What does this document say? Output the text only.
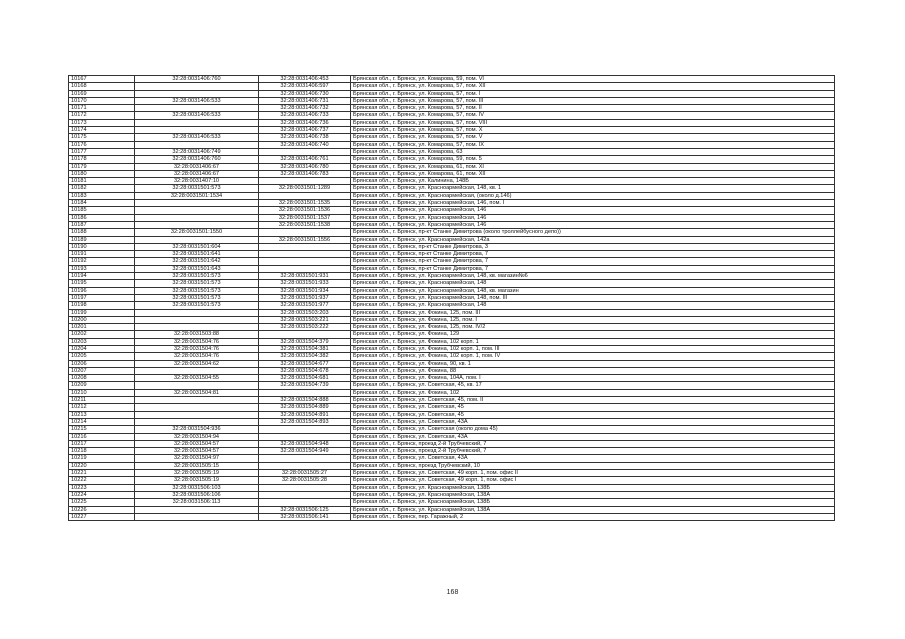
10167	32:28:0031406:760	32:28:0031406:453	Брянская обл., г. Брянск, ул. Комарова, 59, пом. VI
10168		32:28:0031406:597	Брянская обл., г. Брянск, ул. Комарова, 57, пом. XII
10169		32:28:0031406:730	Брянская обл., г. Брянск, ул. Комарова, 57, пом. I
10170	32:28:0031406:533	32:28:0031406:731	Брянская обл., г. Брянск, ул. Комарова, 57, пом. III
10171		32:28:0031406:732	Брянская обл., г. Брянск, ул. Комарова, 57, пом. II
10172	32:28:0031406:533	32:28:0031406:733	Брянская обл., г. Брянск, ул. Комарова, 57, пом. IV
10173		32:28:0031406:736	Брянская обл., г. Брянск, ул. Комарова, 57, пом. VIII
10174		32:28:0031406:737	Брянская обл., г. Брянск, ул. Комарова, 57, пом. X
10175	32:28:0031406:533	32:28:0031406:738	Брянская обл., г. Брянск, ул. Комарова, 57, пом. V
10176		32:28:0031406:740	Брянская обл., г. Брянск, ул. Комарова, 57, пом. IX
10177	32:28:0031406:749		Брянская обл., г. Брянск, ул. Комарова, 63
10178	32:28:0031406:760	32:28:0031406:761	Брянская обл., г. Брянск, ул. Комарова, 59, пом. 5
10179	32:28:0031406:67	32:28:0031406:780	Брянская обл., г. Брянск, ул. Комарова, 61, пом. XI
10180	32:28:0031406:67	32:28:0031406:783	Брянская обл., г. Брянск, ул. Комарова, 61, пом. XII
10181	32:28:0031407:10		Брянская обл., г. Брянск, ул. Калинина, 148Б
10182	32:28:0031501:573	32:28:0031501:1289	Брянская обл., г. Брянск, ул. Красноармейская, 148, кв. 1
10183	32:28:0031501:1534		Брянская обл., г. Брянск, ул. Красноармейская, (около д.146)
10184		32:28:0031501:1535	Брянская обл., г. Брянск, ул. Красноармейская, 146, пом. I
10185		32:28:0031501:1536	Брянская обл., г. Брянск, ул. Красноармейская, 146
10186		32:28:0031501:1537	Брянская обл., г. Брянск, ул. Красноармейская, 146
10187		32:28:0031501:1538	Брянская обл., г. Брянск, ул. Красноармейская, 146
10188	32:28:0031501:1550		Брянская обл., г. Брянск, пр-кт Станке Димитрова (около троллейбусного депо))
10189		32:28:0031501:1556	Брянская обл., г. Брянск, ул. Красноармейская, 142а
10190	32:28:0031501:604		Брянская обл., г. Брянск, пр-кт Станке Димитрова, 3
10191	32:28:0031501:641		Брянская обл., г. Брянск, пр-кт Станке Димитрова, 7
10192	32:28:0031501:642		Брянская обл., г. Брянск, пр-кт Станке Димитрова, 7
10193	32:28:0031501:643		Брянская обл., г. Брянск, пр-кт Станке Димитрова, 7
10194	32:28:0031501:573	32:28:0031501:931	Брянская обл., г. Брянск, ул. Красноармейская, 148, кв. магазин№6
10195	32:28:0031501:573	32:28:0031501:933	Брянская обл., г. Брянск, ул. Красноармейская, 148
10196	32:28:0031501:573	32:28:0031501:934	Брянская обл., г. Брянск, ул. Красноармейская, 148, кв. магазин
10197	32:28:0031501:573	32:28:0031501:937	Брянская обл., г. Брянск, ул. Красноармейская, 148, пом. III
10198	32:28:0031501:573	32:28:0031501:977	Брянская обл., г. Брянск, ул. Красноармейская, 148
10199		32:28:0031503:203	Брянская обл., г. Брянск, ул. Фокина, 125, пом. III
10200		32:28:0031503:221	Брянская обл., г. Брянск, ул. Фокина, 125, пом. I
10201		32:28:0031503:222	Брянская обл., г. Брянск, ул. Фокина, 125, пом. IV/2
10202	32:28:0031503:88		Брянская обл., г. Брянск, ул. Фокина, 129
10203	32:28:0031504:76	32:28:0031504:379	Брянская обл., г. Брянск, ул. Фокина, 102 корп. 1
10204	32:28:0031504:76	32:28:0031504:381	Брянская обл., г. Брянск, ул. Фокина, 102 корп. 1, пом. III
10205	32:28:0031504:76	32:28:0031504:382	Брянская обл., г. Брянск, ул. Фокина, 102 корп. 1, пом. IV
10206	32:28:0031504:62	32:28:0031504:677	Брянская обл., г. Брянск, ул. Фокина, 90, кв. 1
10207		32:28:0031504:678	Брянская обл., г. Брянск, ул. Фокина, 88
10208	32:28:0031504:55	32:28:0031504:681	Брянская обл., г. Брянск, ул. Фокина, 104А, пом. I
10209		32:28:0031504:739	Брянская обл., г. Брянск, ул. Советская, 45, кв. 17
10210	32:28:0031504:81		Брянская обл., г. Брянск, ул. Фокина, 102
10211		32:28:0031504:888	Брянская обл., г. Брянск, ул. Советская, 45, пом. II
10212		32:28:0031504:889	Брянская обл., г. Брянск, ул. Советская, 45
10213		32:28:0031504:891	Брянская обл., г. Брянск, ул. Советская, 45
10214		32:28:0031504:893	Брянская обл., г. Брянск, ул. Советская, 43А
10215	32:28:0031504:936		Брянская обл., г. Брянск, ул. Советская (около дома 45)
10216	32:28:0031504:94		Брянская обл., г. Брянск, ул. Советская, 43А
10217	32:28:0031504:57	32:28:0031504:948	Брянская обл., г. Брянск, проезд 2-й Трубчевский, 7
10218	32:28:0031504:57	32:28:0031504:949	Брянская обл., г. Брянск, проезд 2-й Трубчевский, 7
10219	32:28:0031504:97		Брянская обл., г. Брянск, ул. Советская, 43А
10220	32:28:0031505:15		Брянская обл., г. Брянск, проезд Трубчевский, 10
10221	32:28:0031505:19	32:28:0031505:27	Брянская обл., г. Брянск, ул. Советская, 49 корп. 1, пом. офис II
10222	32:28:0031505:19	32:28:0031505:28	Брянская обл., г. Брянск, ул. Советская, 49 корп. 1, пом. офис I
10223	32:28:0031506:103		Брянская обл., г. Брянск, ул. Красноармейская, 138Б
10224	32:28:0031506:106		Брянская обл., г. Брянск, ул. Красноармейская, 138А
10225	32:28:0031506:113		Брянская обл., г. Брянск, ул. Красноармейская, 138Б
10226		32:28:0031506:125	Брянская обл., г. Брянск, ул. Красноармейская, 138А
10227		32:28:0031506:141	Брянская обл., г. Брянск, пер. Гаражный, 2
168
